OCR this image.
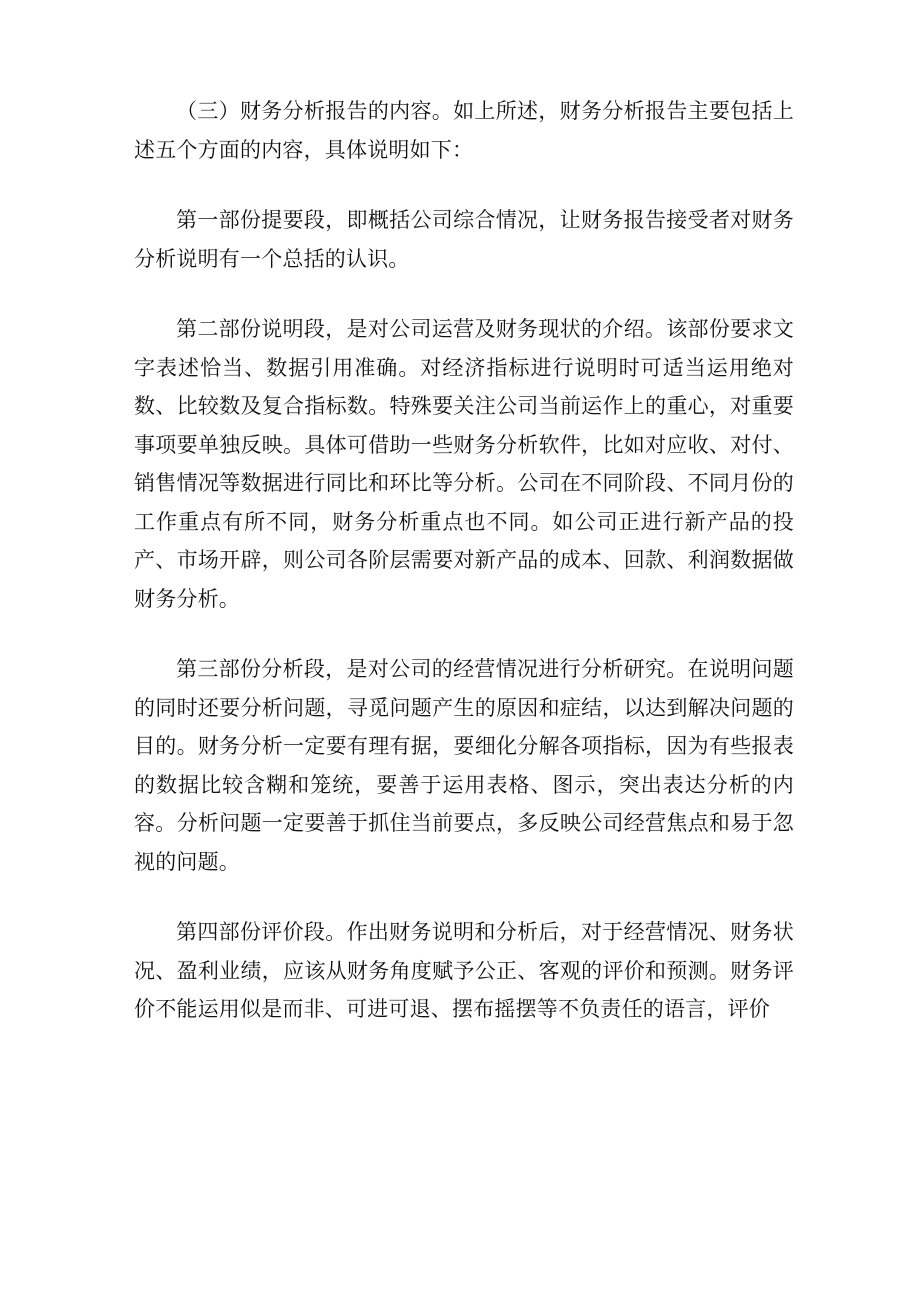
（三）财务分析报告的内容。如上所述，财务分析报告主要包括上述五个方面的内容，具体说明如下：

第一部份提要段，即概括公司综合情况，让财务报告接受者对财务分析说明有一个总括的认识。

第二部份说明段，是对公司运营及财务现状的介绍。该部份要求文字表述恰当、数据引用准确。对经济指标进行说明时可适当运用绝对数、比较数及复合指标数。特殊要关注公司当前运作上的重心，对重要事项要单独反映。具体可借助一些财务分析软件，比如对应收、对付、销售情况等数据进行同比和环比等分析。公司在不同阶段、不同月份的工作重点有所不同，财务分析重点也不同。如公司正进行新产品的投产、市场开辟，则公司各阶层需要对新产品的成本、回款、利润数据做财务分析。

第三部份分析段，是对公司的经营情况进行分析研究。在说明问题的同时还要分析问题，寻觅问题产生的原因和症结，以达到解决问题的目的。财务分析一定要有理有据，要细化分解各项指标，因为有些报表的数据比较含糊和笼统，要善于运用表格、图示，突出表达分析的内容。分析问题一定要善于抓住当前要点，多反映公司经营焦点和易于忽视的问题。

第四部份评价段。作出财务说明和分析后，对于经营情况、财务状况、盈利业绩，应该从财务角度赋予公正、客观的评价和预测。财务评价不能运用似是而非、可进可退、摆布摇摆等不负责任的语言，评价
